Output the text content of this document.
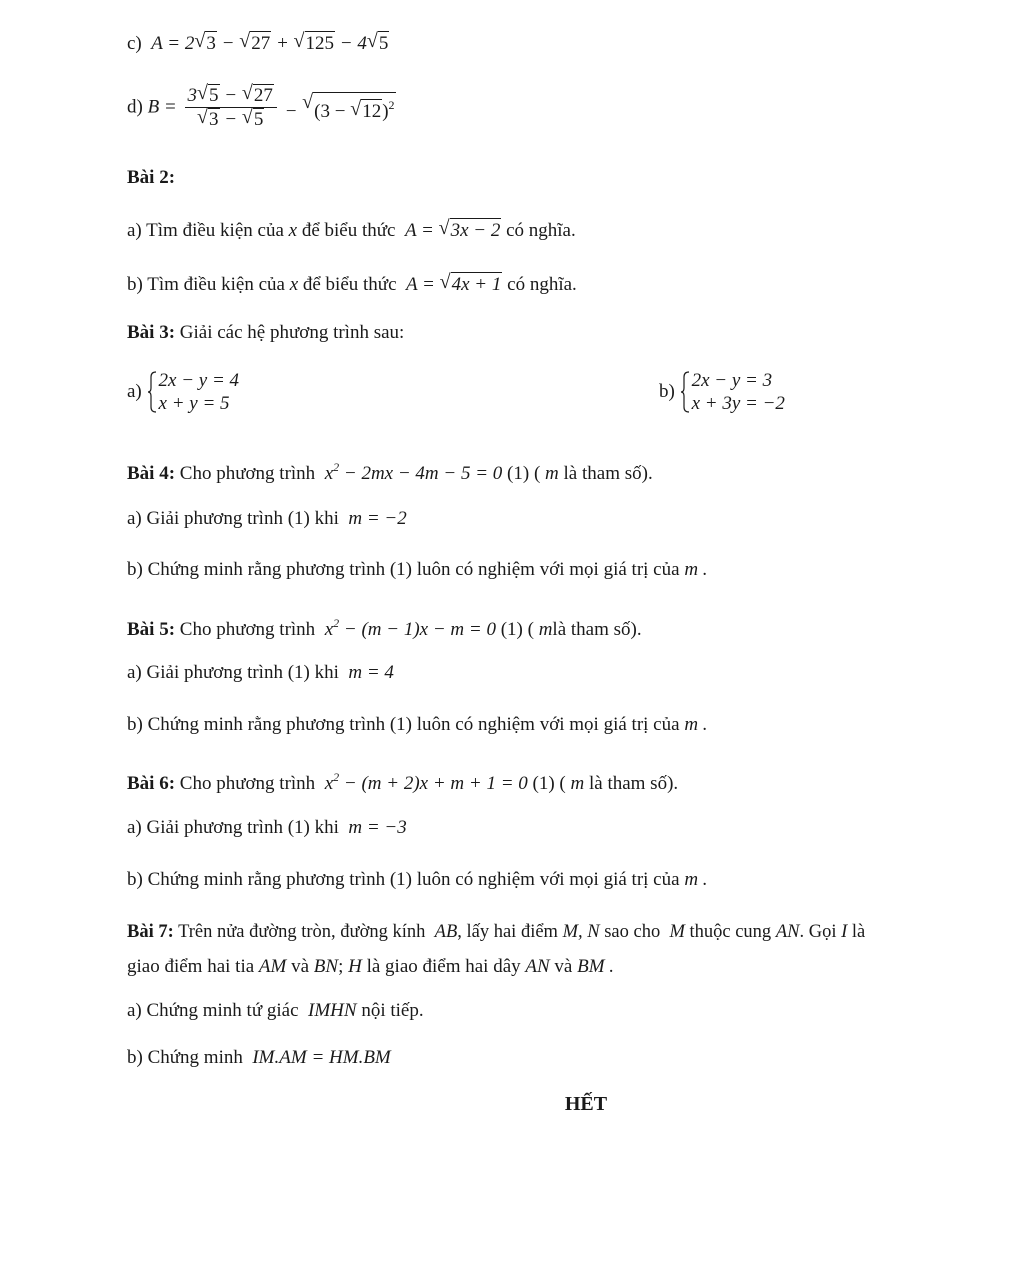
c)  A = 2 √ 3 − √ 27 + √ 125 − 4 √ 5
d) $B = \frac{3 √ 5 - √ 27}{√ 3 - √ 5}$ − √ (3 − √ 12)$^2$
Bài 2:
a) Tìm điều kiện của x để biểu thức  A = √ 3x − 2 có nghĩa.
b) Tìm điều kiện của x để biểu thức  A = √ 4x + 1 có nghĩa.
Bài 3: Giải các hệ phương trình sau:
a)
2x − y = 4
x + y = 5
b)
2x − y = 3
x + 3y = −2
Bài 4: Cho phương trình  $x^2 - 2mx - 4m - 5 = 0$ (1) ( m là tham số).
a) Giải phương trình (1) khi  m = −2
b) Chứng minh rằng phương trình (1) luôn có nghiệm với mọi giá trị của m .
Bài 5: Cho phương trình  $x^2 - (m - 1)x - m = 0$ (1) ( mlà tham số).
a) Giải phương trình (1) khi  m = 4
b) Chứng minh rằng phương trình (1) luôn có nghiệm với mọi giá trị của m .
Bài 6: Cho phương trình  $x^2 - (m + 2)x + m + 1 = 0$ (1) ( m là tham số).
a) Giải phương trình (1) khi  m = −3
b) Chứng minh rằng phương trình (1) luôn có nghiệm với mọi giá trị của m .
Bài 7: Trên nửa đường tròn, đường kính  AB, lấy hai điểm M, N sao cho  M thuộc cung AN. Gọi I là
giao điểm hai tia AM và BN; H là giao điểm hai dây AN và BM .
a) Chứng minh tứ giác  IMHN nội tiếp.
b) Chứng minh  IM.AM = HM.BM
HẾT
